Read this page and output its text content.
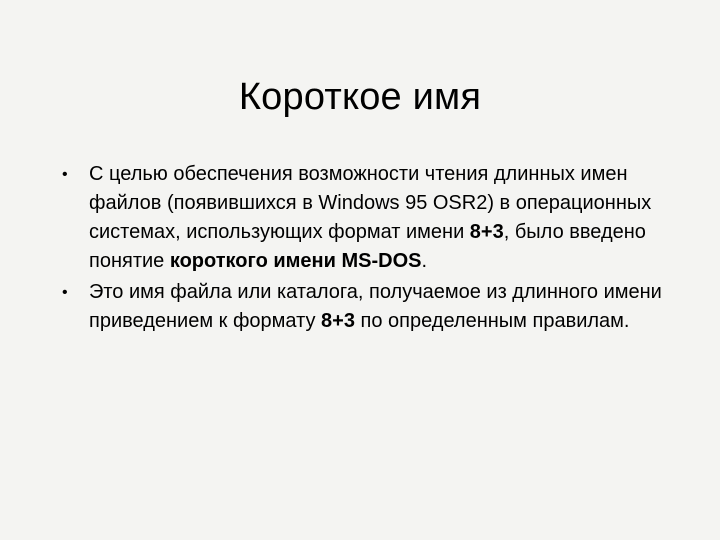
Короткое имя
• С целью обеспечения возможности чтения длинных имен файлов (появившихся в Windows 95 OSR2) в операционных системах, использующих формат имени 8+3, было введено понятие короткого имени MS-DOS.
• Это имя файла или каталога, получаемое из длинного имени приведением к формату 8+3 по определенным правилам.
